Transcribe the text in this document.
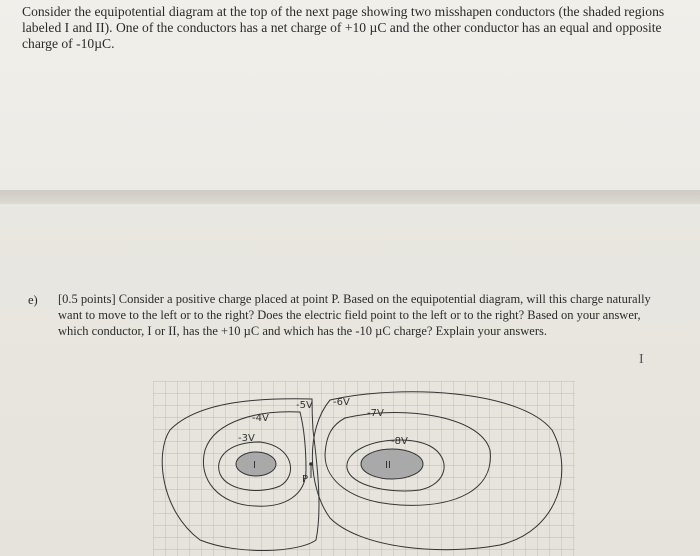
Consider the equipotential diagram at the top of the next page showing two misshapen conductors (the shaded regions labeled I and II). One of the conductors has a net charge of +10 µC and the other conductor has an equal and opposite charge of -10µC.

e) [0.5 points] Consider a positive charge placed at point P. Based on the equipotential diagram, will this charge naturally want to move to the left or to the right? Does the electric field point to the left or to the right? Based on your answer, which conductor, I or II, has the +10 µC and which has the -10 µC charge? Explain your answers.

I
-5V -6V
-7V
-4V
-3V	-8V
I	II
P
